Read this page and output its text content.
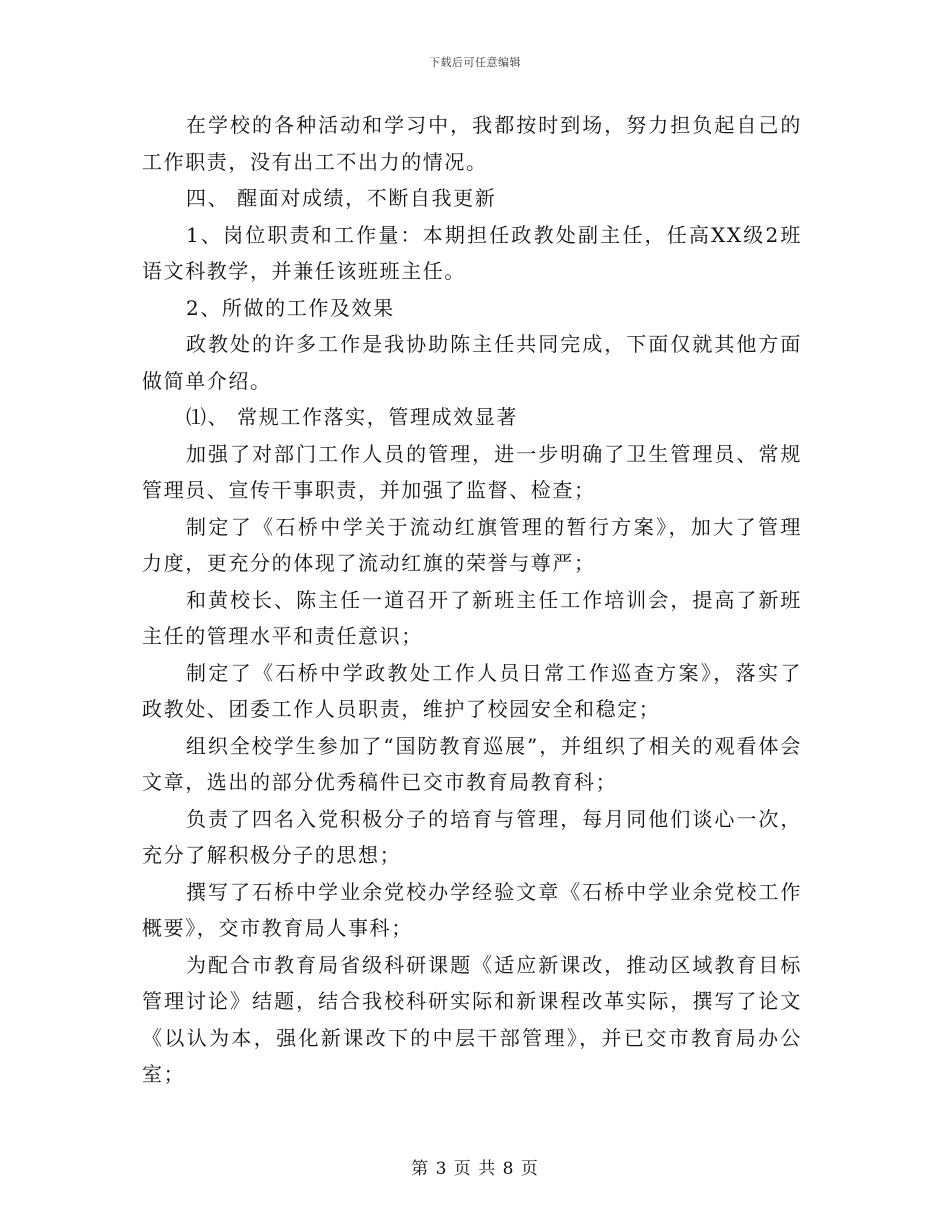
下载后可任意编辑

在学校的各种活动和学习中，我都按时到场，努力担负起自己的工作职责，没有出工不出力的情况。

四、 醒面对成绩，不断自我更新

1、岗位职责和工作量：本期担任政教处副主任，任高XX级2班语文科教学，并兼任该班班主任。

2、所做的工作及效果

政教处的许多工作是我协助陈主任共同完成，下面仅就其他方面做简单介绍。

⑴、 常规工作落实，管理成效显著

加强了对部门工作人员的管理，进一步明确了卫生管理员、常规管理员、宣传干事职责，并加强了监督、检查；

制定了《石桥中学关于流动红旗管理的暂行方案》，加大了管理力度，更充分的体现了流动红旗的荣誉与尊严；

和黄校长、陈主任一道召开了新班主任工作培训会，提高了新班主任的管理水平和责任意识；

制定了《石桥中学政教处工作人员日常工作巡查方案》，落实了政教处、团委工作人员职责，维护了校园安全和稳定；

组织全校学生参加了“国防教育巡展”，并组织了相关的观看体会文章，选出的部分优秀稿件已交市教育局教育科；

负责了四名入党积极分子的培育与管理，每月同他们谈心一次，充分了解积极分子的思想；

撰写了石桥中学业余党校办学经验文章《石桥中学业余党校工作概要》，交市教育局人事科；

为配合市教育局省级科研课题《适应新课改，推动区域教育目标管理讨论》结题，结合我校科研实际和新课程改革实际，撰写了论文《以认为本，强化新课改下的中层干部管理》，并已交市教育局办公室；

第 3 页 共 8 页
